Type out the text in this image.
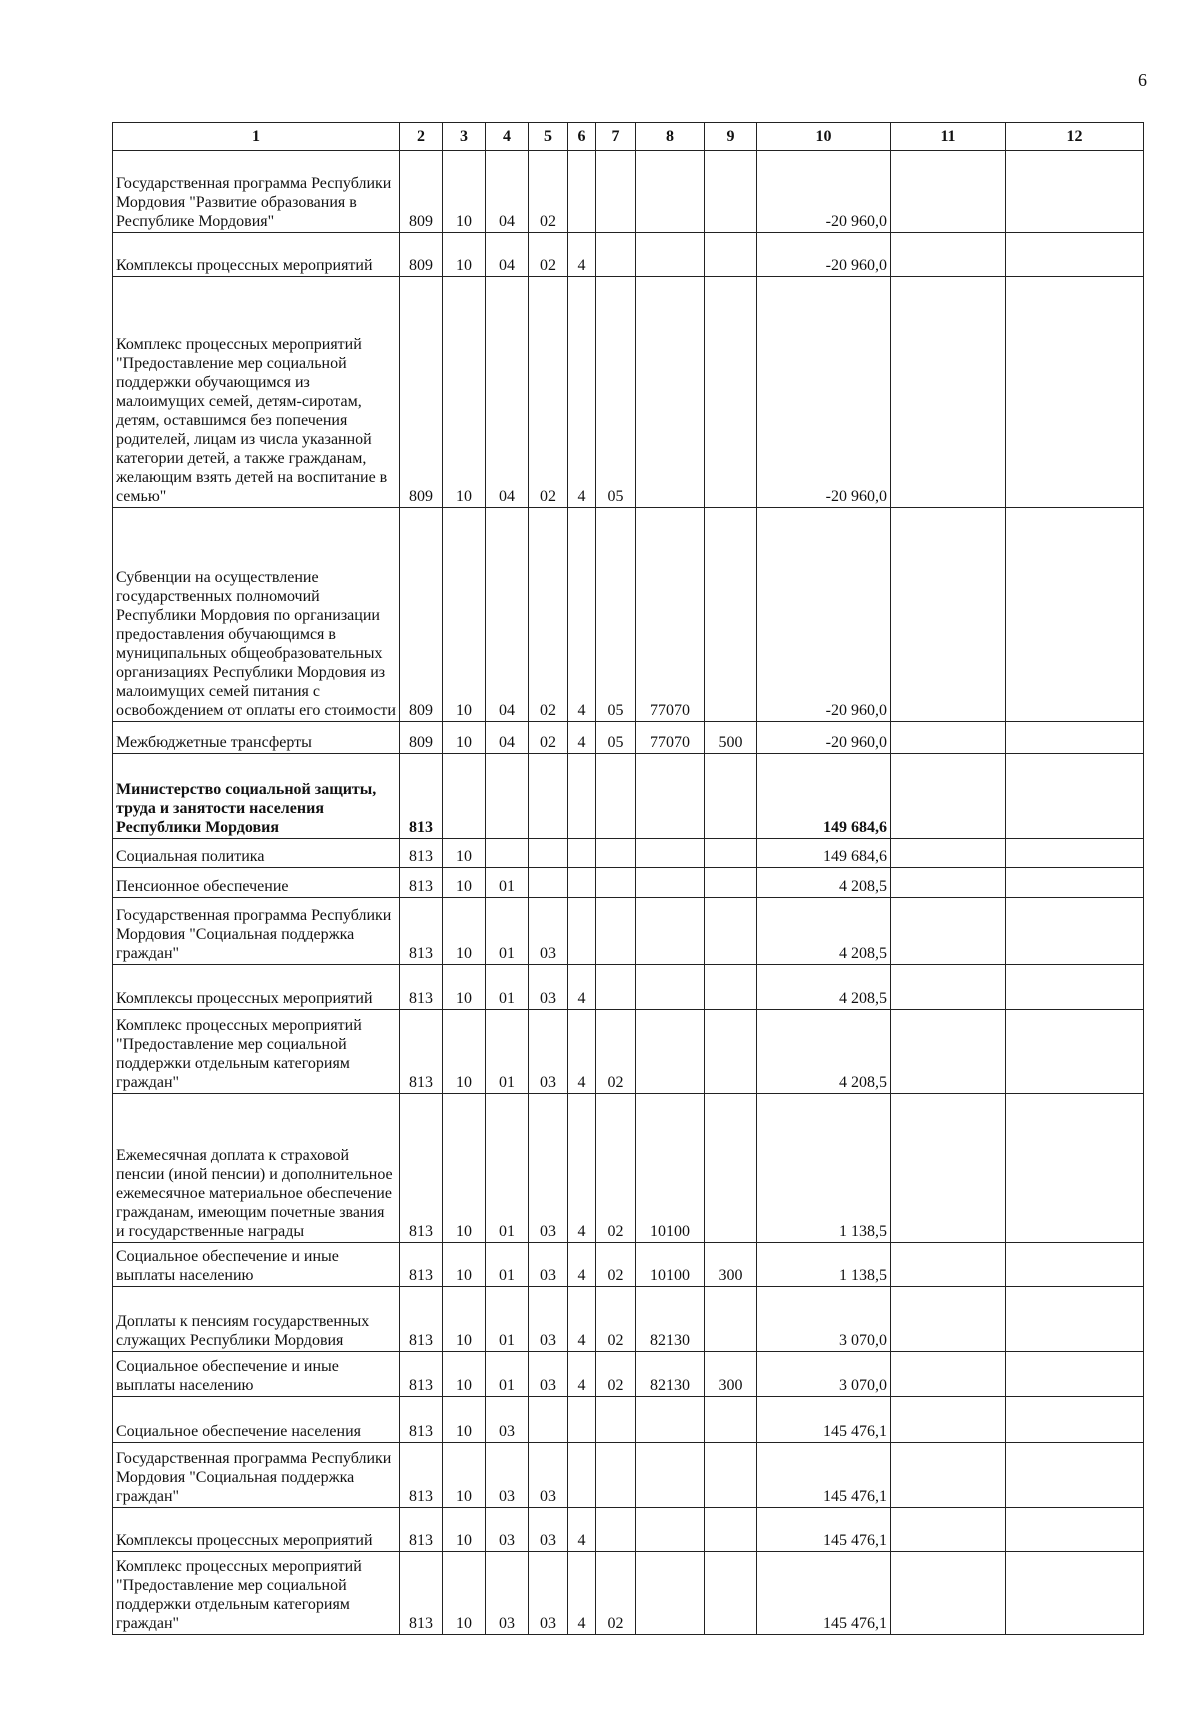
6
1	2	3	4	5	6	7	8	9	10	11	12
Государственная программа Республики Мордовия "Развитие образования в Республике Мордовия"	809	10	04	02					-20 960,0		
Комплексы процессных мероприятий	809	10	04	02	4				-20 960,0		
Комплекс процессных мероприятий "Предоставление мер социальной поддержки обучающимся из малоимущих семей, детям-сиротам, детям, оставшимся без попечения родителей, лицам из числа указанной категории детей, а также гражданам, желающим взять детей на воспитание в семью"	809	10	04	02	4	05			-20 960,0		
Субвенции на осуществление государственных полномочий Республики Мордовия по организации предоставления обучающимся в муниципальных общеобразовательных организациях Республики Мордовия из малоимущих семей питания с освобождением от оплаты его стоимости	809	10	04	02	4	05	77070		-20 960,0		
Межбюджетные трансферты	809	10	04	02	4	05	77070	500	-20 960,0		
Министерство социальной защиты, труда и занятости населения Республики Мордовия	813								149 684,6		
Социальная политика	813	10							149 684,6		
Пенсионное обеспечение	813	10	01						4 208,5		
Государственная программа Республики Мордовия "Социальная поддержка граждан"	813	10	01	03					4 208,5		
Комплексы процессных мероприятий	813	10	01	03	4				4 208,5		
Комплекс процессных мероприятий "Предоставление мер социальной поддержки отдельным категориям граждан"	813	10	01	03	4	02			4 208,5		
Ежемесячная доплата к страховой пенсии (иной пенсии) и дополнительное ежемесячное материальное обеспечение гражданам, имеющим почетные звания и государственные награды	813	10	01	03	4	02	10100		1 138,5		
Социальное обеспечение и иные выплаты населению	813	10	01	03	4	02	10100	300	1 138,5		
Доплаты к пенсиям государственных служащих Республики Мордовия	813	10	01	03	4	02	82130		3 070,0		
Социальное обеспечение и иные выплаты населению	813	10	01	03	4	02	82130	300	3 070,0		
Социальное обеспечение населения	813	10	03						145 476,1		
Государственная программа Республики Мордовия "Социальная поддержка граждан"	813	10	03	03					145 476,1		
Комплексы процессных мероприятий	813	10	03	03	4				145 476,1		
Комплекс процессных мероприятий "Предоставление мер социальной поддержки отдельным категориям граждан"	813	10	03	03	4	02			145 476,1		
